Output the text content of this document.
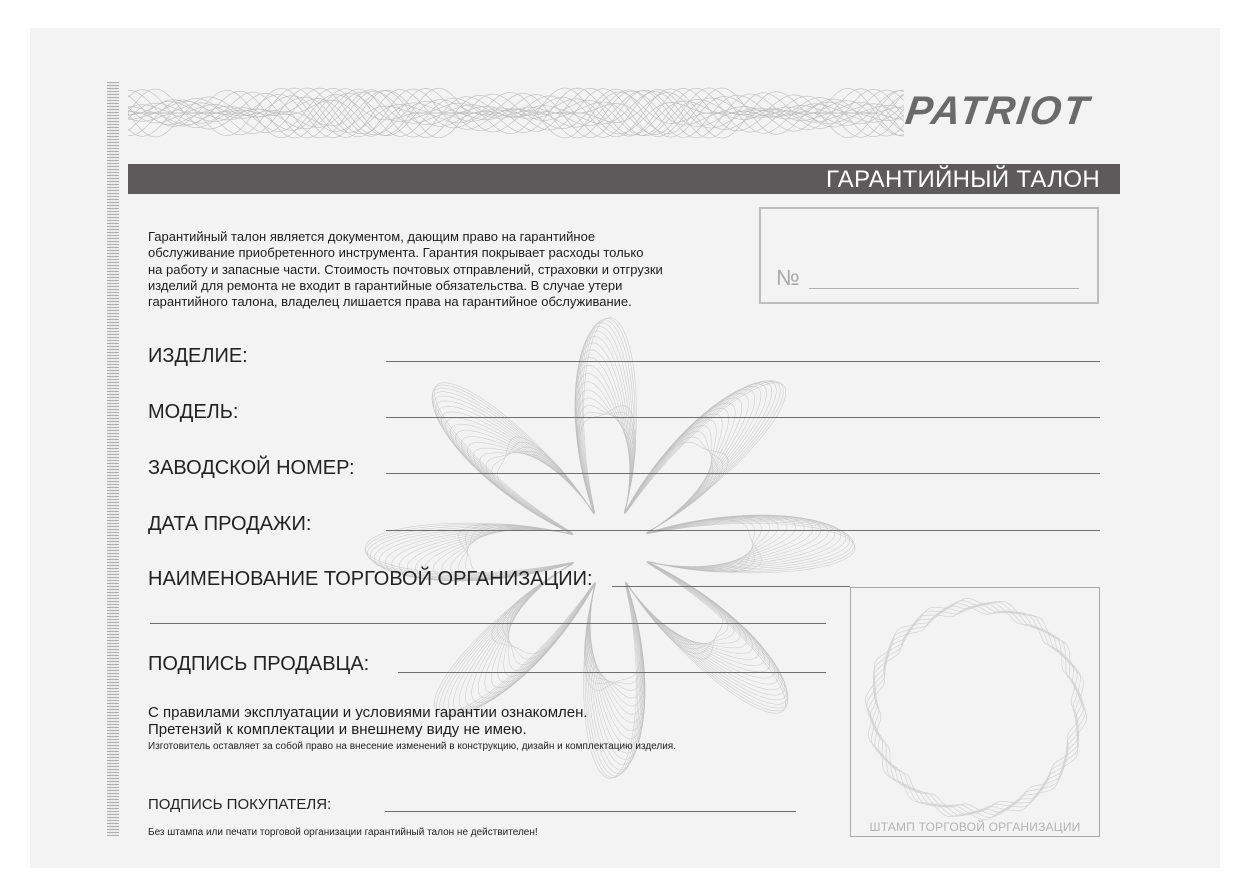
PATRIOT
ГАРАНТИЙНЫЙ ТАЛОН

Гарантийный талон является документом, дающим право на гарантийное

обслуживание приобретенного инструмента. Гарантия покрывает расходы только

на работу и запасные части. Стоимость почтовых отправлений, страховки и отгрузки

изделий для ремонта не входит в гарантийные обязательства. В случае утери

гарантийного талона, владелец лишается права на гарантийное обслуживание.

№
ИЗДЕЛИЕ:
МОДЕЛЬ:
ЗАВОДСКОЙ НОМЕР:
ДАТА ПРОДАЖИ:
НАИМЕНОВАНИЕ ТОРГОВОЙ ОРГАНИЗАЦИИ:
ПОДПИСЬ ПРОДАВЦА:
ШТАМП ТОРГОВОЙ ОРГАНИЗАЦИИ

С правилами эксплуатации и условиями гарантии ознакомлен.

Претензий к комплектации и внешнему виду не имею.

Изготовитель оставляет за собой право на внесение изменений в конструкцию, дизайн и комплектацию изделия.
ПОДПИСЬ ПОКУПАТЕЛЯ:
Без штампа или печати торговой организации гарантийный талон не действителен!
